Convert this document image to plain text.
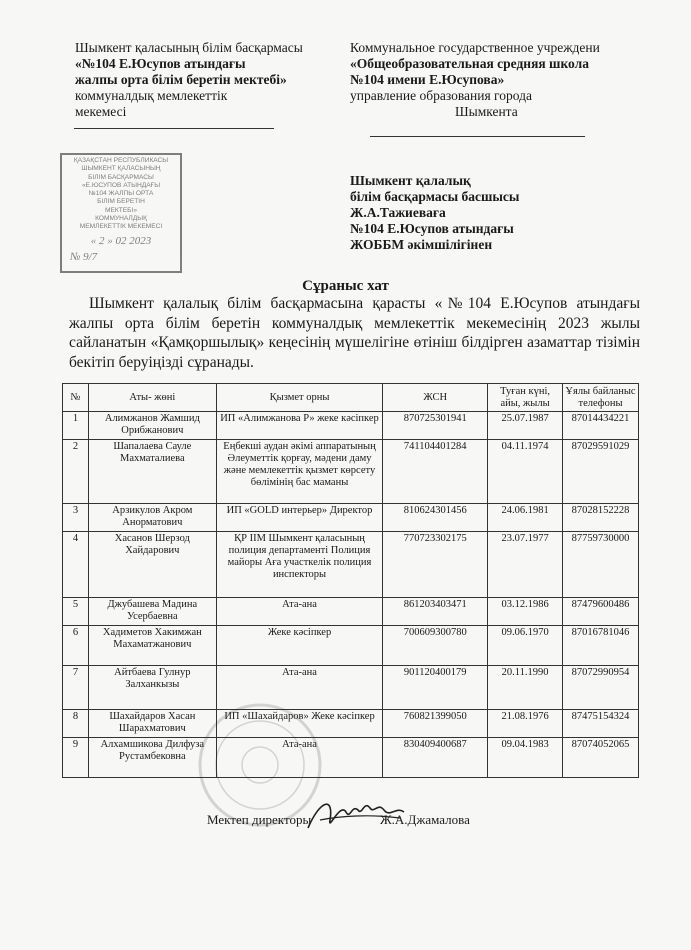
Шымкент қаласының білім басқармасы
«№104 Е.Юсупов атындағы
жалпы орта білім беретін мектебі»
коммуналдық мемлекеттік
мекемесі
Коммунальное государственное учреждени
«Общеобразовательная средняя школа
№104 имени Е.Юсупова»
управление образования города
Шымкента
ҚАЗАҚСТАН РЕСПУБЛИКАСЫ
ШЫМКЕНТ ҚАЛАСЫНЫҢ
БІЛІМ БАСҚАРМАСЫ
«Е.ЮСУПОВ АТЫНДАҒЫ
№104 ЖАЛПЫ ОРТА
БІЛІМ БЕРЕТІН
МЕКТЕБІ»
КОММУНАЛДЫҚ
МЕМЛЕКЕТТІК МЕКЕМЕСІ
« 2 » 02 2023
№ 9/7
Шымкент қалалық
білім басқармасы басшысы
Ж.А.Тажиеваға
№104 Е.Юсупов атындағы
ЖОББМ әкімшілігінен
Сұраныс хат
Шымкент қалалық білім басқармасына қарасты «№104 Е.Юсупов атындағы жалпы орта білім беретін коммуналдық мемлекеттік мекемесінің 2023 жылы сайланатын «Қамқоршылық» кеңесінің мүшелігіне өтініш білдірген азаматтар тізімін бекітіп беруіңізді сұранады.
№	Аты- жөні	Қызмет орны	ЖСН	Туған күні, айы, жылы	Ұялы байланыс телефоны
1	Алимжанов Жамшид Орибжанович	ИП «Алимжанова Р» жеке кәсіпкер	870725301941	25.07.1987	87014434221
2	Шапалаева Сауле Махматалиева	Еңбекші аудан әкімі аппаратының Әлеуметтік қорғау, мәдени даму және мемлекеттік қызмет көрсету бөлімінің бас маманы	741104401284	04.11.1974	87029591029
3	Арзикулов Акром Анорматович	ИП «GOLD интерьер» Директор	810624301456	24.06.1981	87028152228
4	Хасанов Шерзод Хайдарович	ҚР ІІМ Шымкент қаласының полиция департаменті Полиция майоры Аға участкелік полиция инспекторы	770723302175	23.07.1977	87759730000
5	Джубашева Мадина Усербаевна	Ата-ана	861203403471	03.12.1986	87479600486
6	Хадиметов Хакимжан Махаматжанович	Жеке кәсіпкер	700609300780	09.06.1970	87016781046
7	Айтбаева Гулнур Залханкызы	Ата-ана	901120400179	20.11.1990	87072990954
8	Шахайдаров Хасан Шарахматович	ИП «Шахайдаров» Жеке кәсіпкер	760821399050	21.08.1976	87475154324
9	Алхамшикова Дилфуза Рустамбековна	Ата-ана	830409400687	09.04.1983	87074052065
Мектеп директоры	Ж.А.Джамалова
